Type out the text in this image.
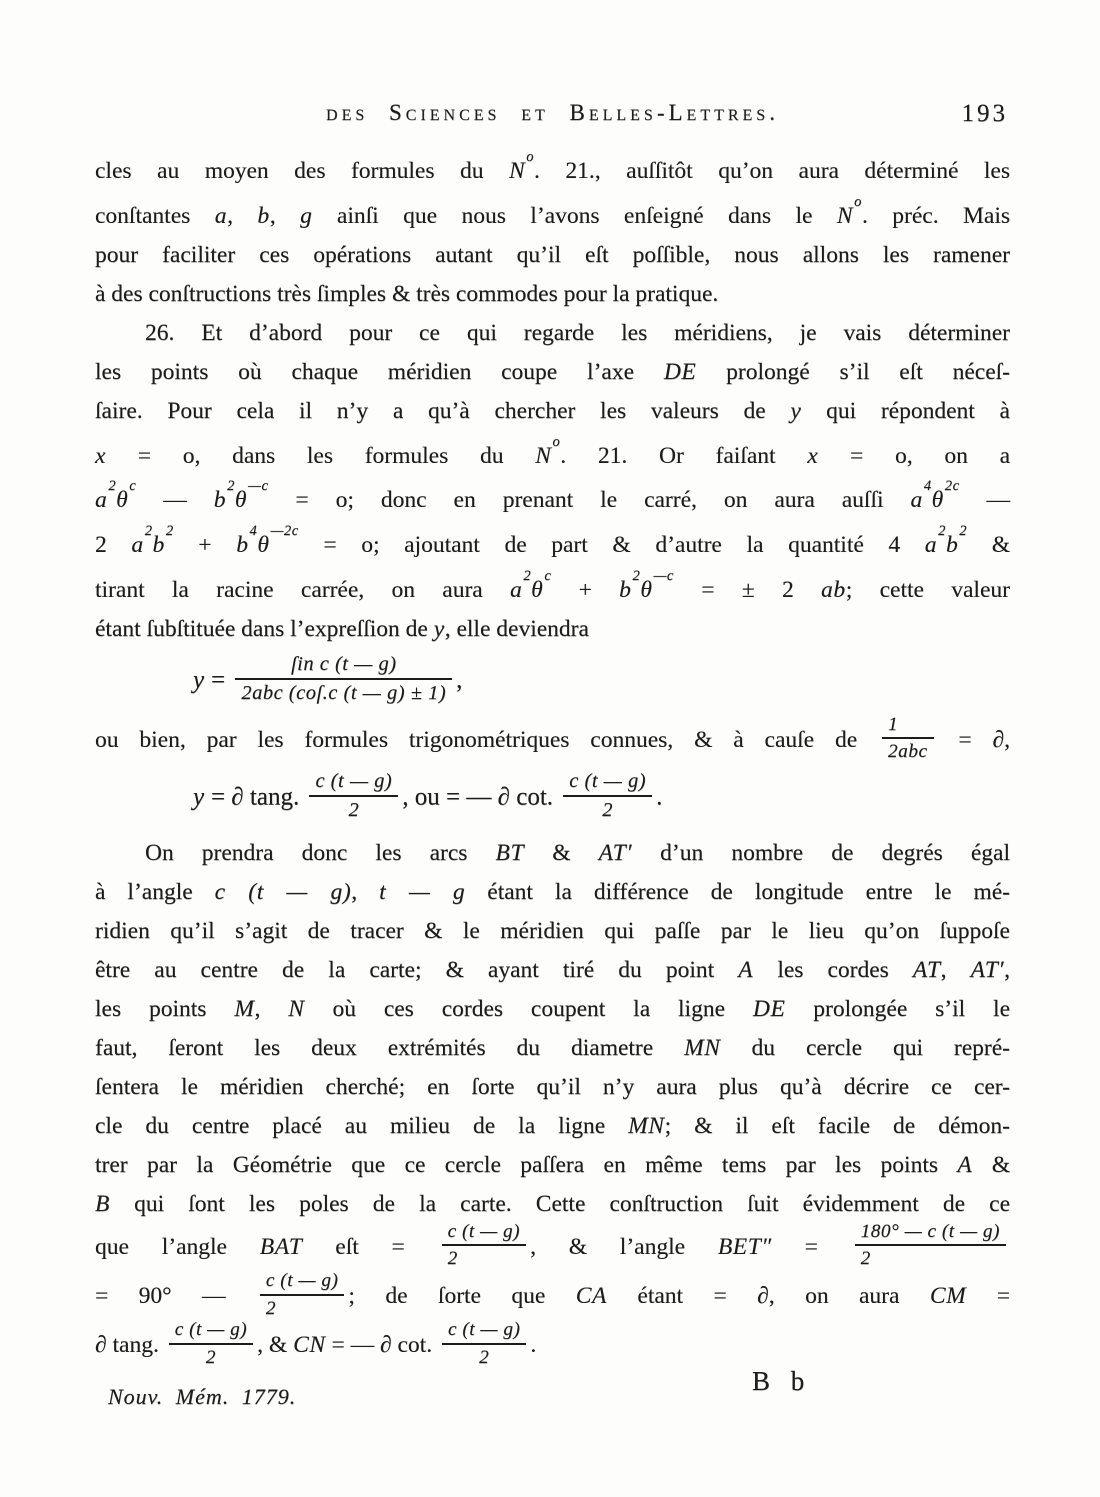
des Sciences et Belles-Lettres.	193
cles au moyen des formules du $N^o$. 21., auſſitôt qu’on aura déterminé les
conſtantes a, b, g ainſi que nous l’avons enſeigné dans le $N^o$. préc. Mais
pour faciliter ces opérations autant qu’il eſt poſſible, nous allons les ramener
à des conſtructions très ſimples & très commodes pour la pratique.
26. Et d’abord pour ce qui regarde les méridiens, je vais déterminer
les points où chaque méridien coupe l’axe DE prolongé s’il eſt néceſ-
ſaire. Pour cela il n’y a qu’à chercher les valeurs de y qui répondent à
x = o, dans les formules du $N^o$. 21. Or faiſant x = o, on a
$a^2\theta^c$ — $b^2\theta^{—c} = o$; donc en prenant le carré, on aura auſſi $a^4\theta^{2c}$ —
2 $a^2b^2 + b^4\theta^{—2c} = o$; ajoutant de part & d’autre la quantité 4 $a^2b^2$ &
tirant la racine carrée, on aura $a^2\theta^c + b^2\theta^{—c}$ = ± 2 ab; cette valeur
étant ſubſtituée dans l’expreſſion de y, elle deviendra
$y = \frac{\text{ſin c (t — g)}}{\text{2abc (coſ.c (t — g) ± 1)}}$ ,
ou bien, par les formules trigonométriques connues, & à cauſe de $\frac{1}{\text{2abc}}$ = ∂,
y = ∂ tang. $\frac{c (t — g)}{2}$ , ou = — ∂ cot. $\frac{c (t — g)}{2}$ .
On prendra donc les arcs BT & AT′ d’un nombre de degrés égal
à l’angle c (t — g), t — g étant la différence de longitude entre le mé-
ridien qu’il s’agit de tracer & le méridien qui paſſe par le lieu qu’on ſuppoſe
être au centre de la carte; & ayant tiré du point A les cordes AT, AT′,
les points M, N où ces cordes coupent la ligne DE prolongée s’il le
faut, ſeront les deux extrémités du diametre MN du cercle qui repré-
ſentera le méridien cherché; en ſorte qu’il n’y aura plus qu’à décrire ce cer-
cle du centre placé au milieu de la ligne MN; & il eſt facile de démon-
trer par la Géométrie que ce cercle paſſera en même tems par les points A &
B qui ſont les poles de la carte. Cette conſtruction ſuit évidemment de ce
que l’angle BAT eſt = $\frac{c (t — g)}{2}$ , & l’angle $BET'' = \frac{180^\circ — c (t — g)}{2}$
= 90° — $\frac{c (t — g)}{2}$ ; de ſorte que CA étant = ∂, on aura CM =
∂ tang. $\frac{c (t — g)}{2}$ , & CN = — ∂ cot. $\frac{c (t — g)}{2}$ .
Nouv. Mém. 1779.
B b
